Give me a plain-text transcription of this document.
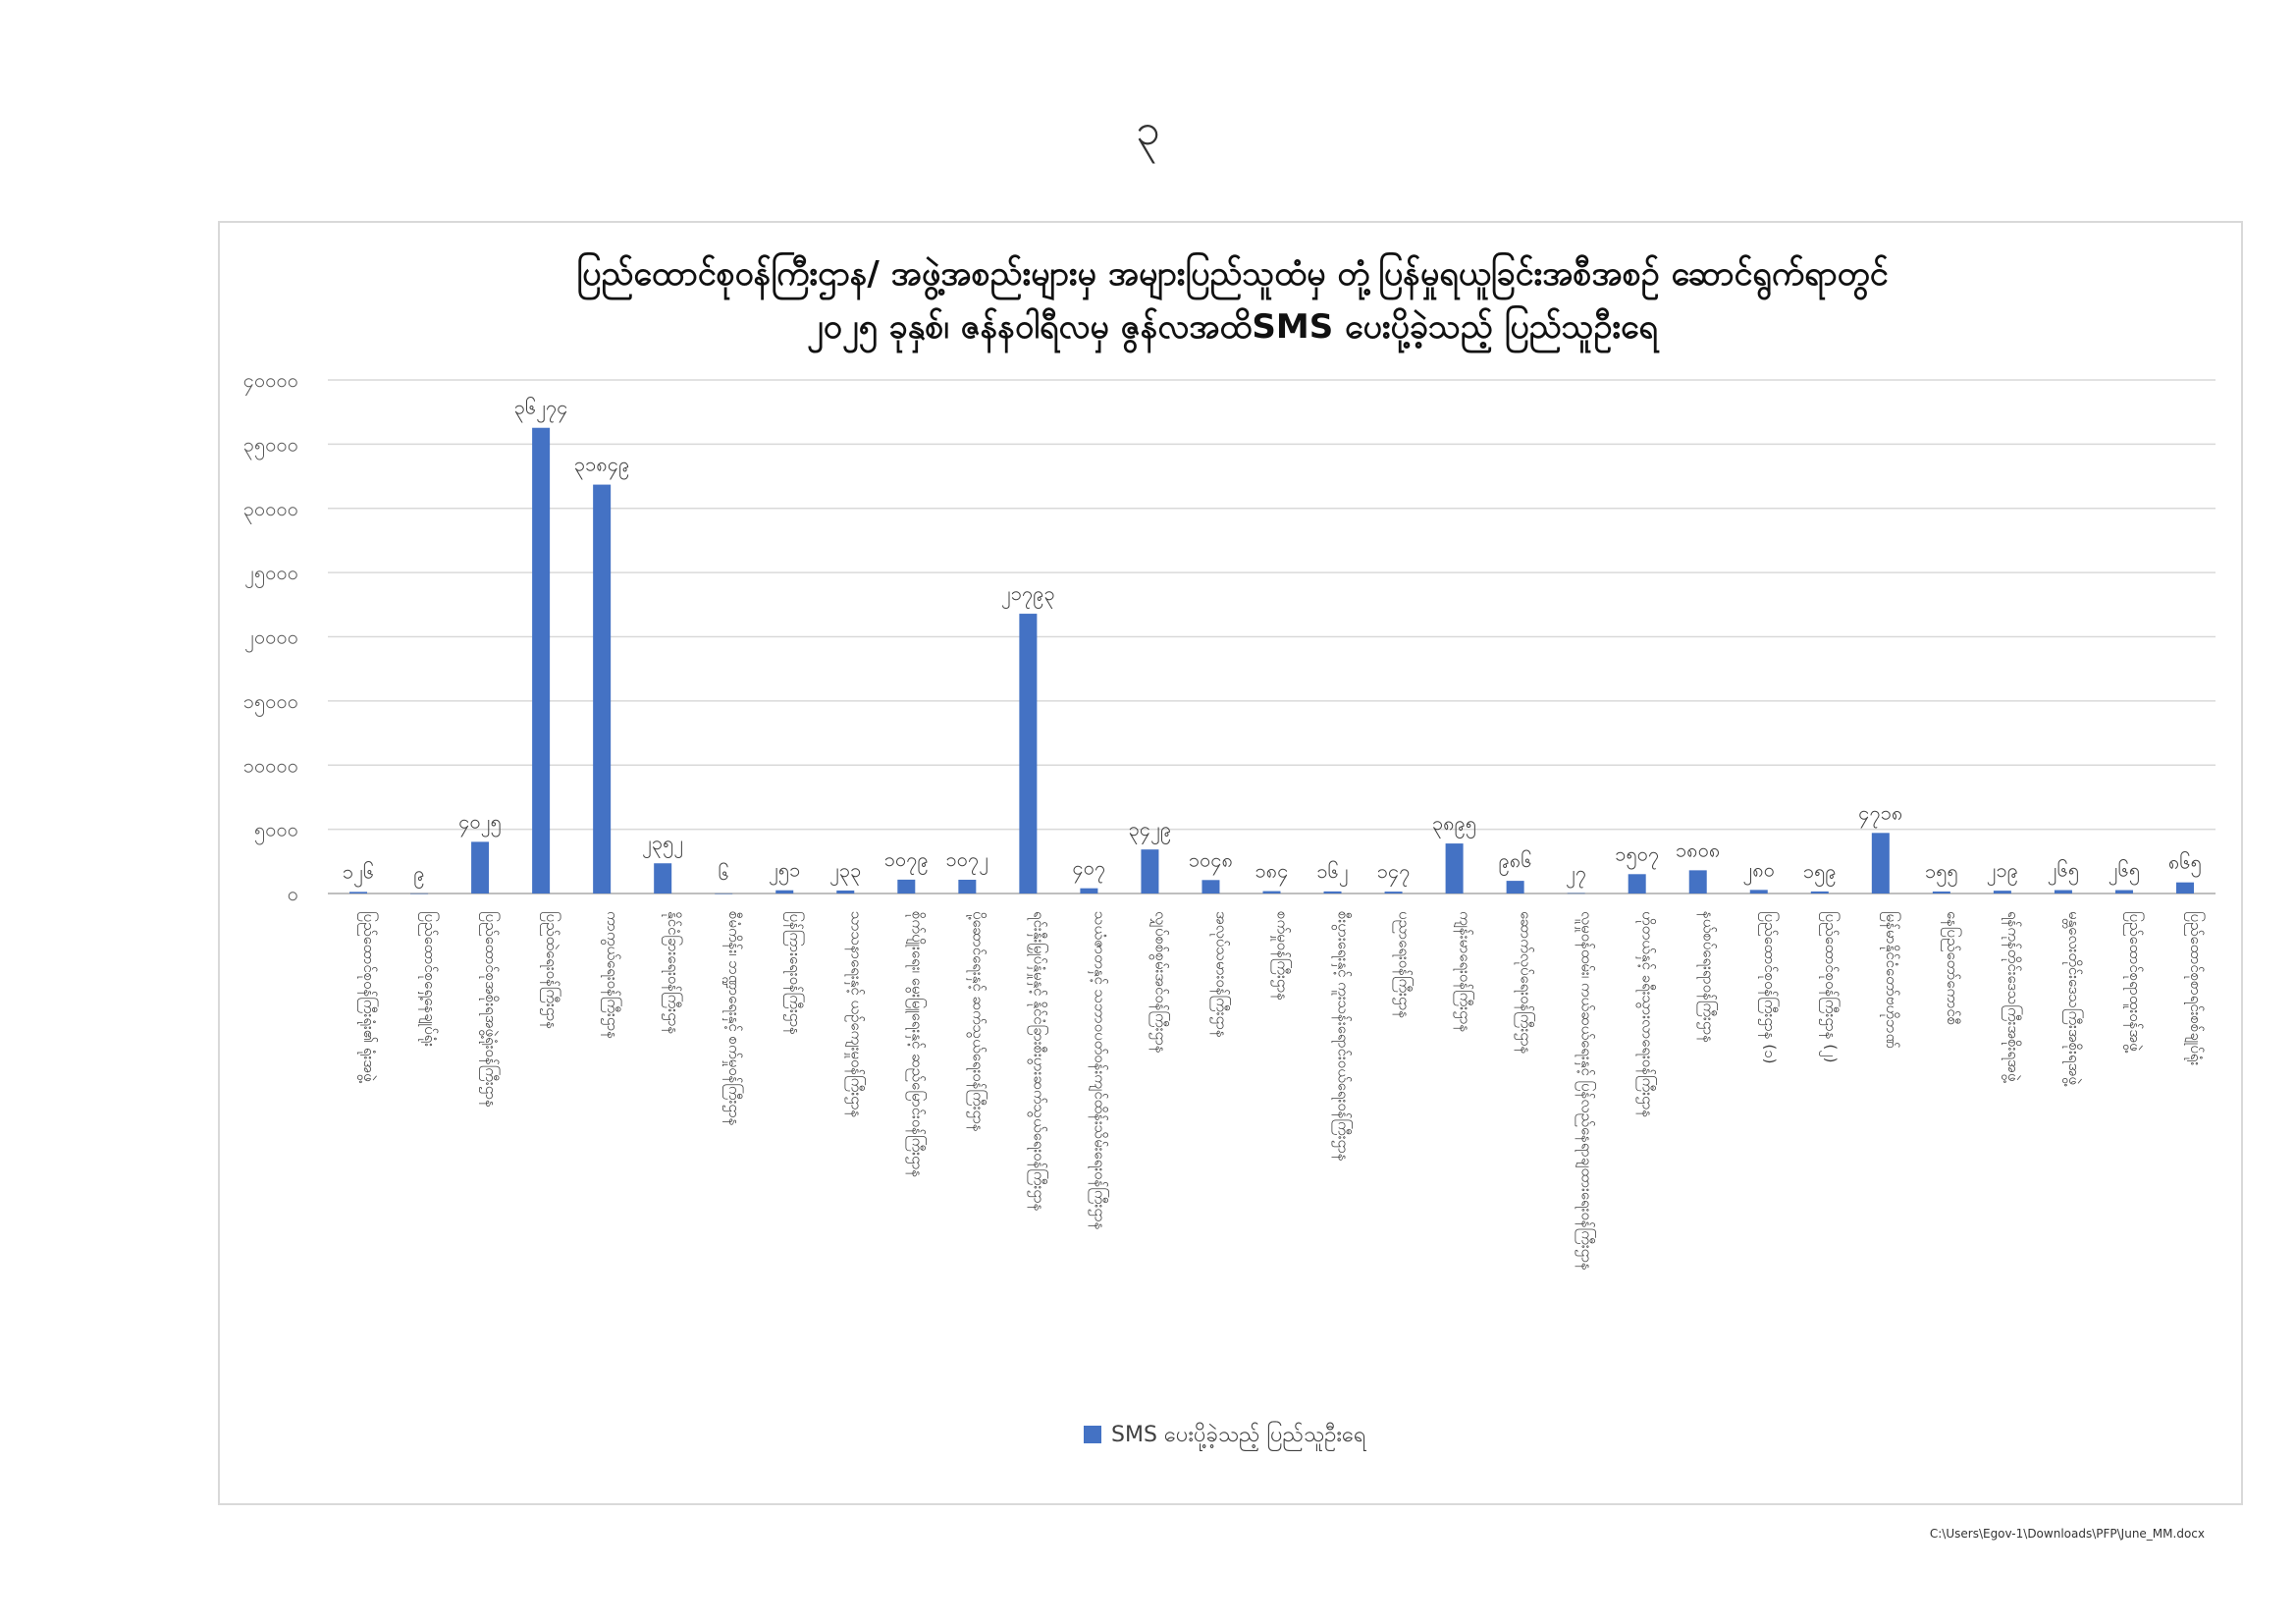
၃
ပြည်ထောင်စုဝန်ကြီးဌာန/ အဖွဲ့အစည်းများမှ အများပြည်သူထံမှ တုံ့ပြန်မှုရယူခြင်းအစီအစဉ် ဆောင်ရွက်ရာတွင်
၂၀၂၅ ခုနှစ်၊ ဇန်နဝါရီလမှ ဇွန်လအထိSMS ပေးပို့ခဲ့သည့် ပြည်သူဦးရေ
၀
၅၀၀၀
၁၀၀၀၀
၁၅၀၀၀
၂၀၀၀၀
၂၅၀၀၀
၃၀၀၀၀
၃၅၀၀၀
၄၀၀၀၀
၁၂၆ ၉
၄၀၂၅
၃၆၂၇၄
၃၁၈၄၉
၂၃၅၂
၆ ၂၅၁ ၂၃၃ ၁၀၇၉ ၁၀၇၂
၂၁၇၉၃
၄၀၇
၃၄၂၉
၁၀၄၈ ၁၈၄ ၁၆၂ ၁၄၇
၃၈၉၅
၉၈၆
၂၇
၁၅၀၇ ၁၈၀၈
၂၈၀ ၁၅၉
၄၇၁၈
၁၅၅ ၂၁၉ ၂၆၅ ၂၆၅ ၈၆၅
ပြည်ထောင်စုဝန်ကြီးရုံး၏ ရုံးအဖွဲ့	ပြည်ထောင်စုရှေ့နေချုပ်ရုံး	ပြည်ထောင်စုအစိုးရအဖွဲ့ရုံးဝန်ကြီးဌာန	ပြည်ထဲရေးဝန်ကြီးဌာန	ကာကွယ်ရေးဝန်ကြီးဌာန	နိုင်ငံခြားရေးဝန်ကြီးဌာန	စီမံကိန်း၊ ဘဏ္ဍာရေးနှင့် စက်မှုဝန်ကြီးဌာန	ပြန်ကြားရေးဝန်ကြီးဌာန	သာသနာရေးနှင့် ယဉ်ကျေးမှုဝန်ကြီးဌာန	စိုက်ပျိုးရေး၊ မွေးမြူရေးနှင့် ဆည်မြောင်းဝန်ကြီးဌာန	ပို့ဆောင်ရေးနှင့် ဆက်သွယ်ရေးဝန်ကြီးဌာန	ရင်းနှီးမြှုပ်နှံမှုနှင့် နိုင်ငံခြားစီးပွားဆက်သွယ်ရေးဝန်ကြီးဌာန	သယံဇာတနှင့် သဘာဝပတ်ဝန်းကျင်ထိန်းသိမ်းရေးဝန်ကြီးဌာန	လျှပ်စစ်စွမ်းအင်ဝန်ကြီးဌာန	အလုပ်သမားဝန်ကြီးဌာန	စက်မှုဝန်ကြီးဌာန	စီးပွားရေးနှင့် ကူးသန်းရောင်းဝယ်ရေးဝန်ကြီးဌာန	ပညာရေးဝန်ကြီးဌာန	ကျန်းမာရေးဝန်ကြီးဌာန	ဆောက်လုပ်ရေးဝန်ကြီးဌာန	လူမှုဝန်ထမ်း၊ ကယ်ဆယ်ရေးနှင့် ပြန်လည်နေရာချထားရေးဝန်ကြီးဌာန	ဟိုတယ်နှင့် ခရီးသွားလာရေးဝန်ကြီးဌာန	နယ်စပ်ရေးရာဝန်ကြီးဌာန	ပြည်ထောင်စုဝန်ကြီးဌာန (၁)	ပြည်ထောင်စုဝန်ကြီးဌာန (၂)	မြန်မာနိုင်ငံတော်ဗဟိုဘဏ်	နေပြည်တော်ကောင်စီ	ရန်ကုန်တိုင်းဒေသကြီးအစိုးရအဖွဲ့	မန္တလေးတိုင်းဒေသကြီးအစိုးရအဖွဲ့	ပြည်ထောင်စုရာထူးဝန်အဖွဲ့	ပြည်ထောင်စုစာရင်းစစ်ချုပ်ရုံး
SMS ပေးပို့ခဲ့သည့် ပြည်သူဦးရေ
C:\Users\Egov-1\Downloads\PFP\June_MM.docx
